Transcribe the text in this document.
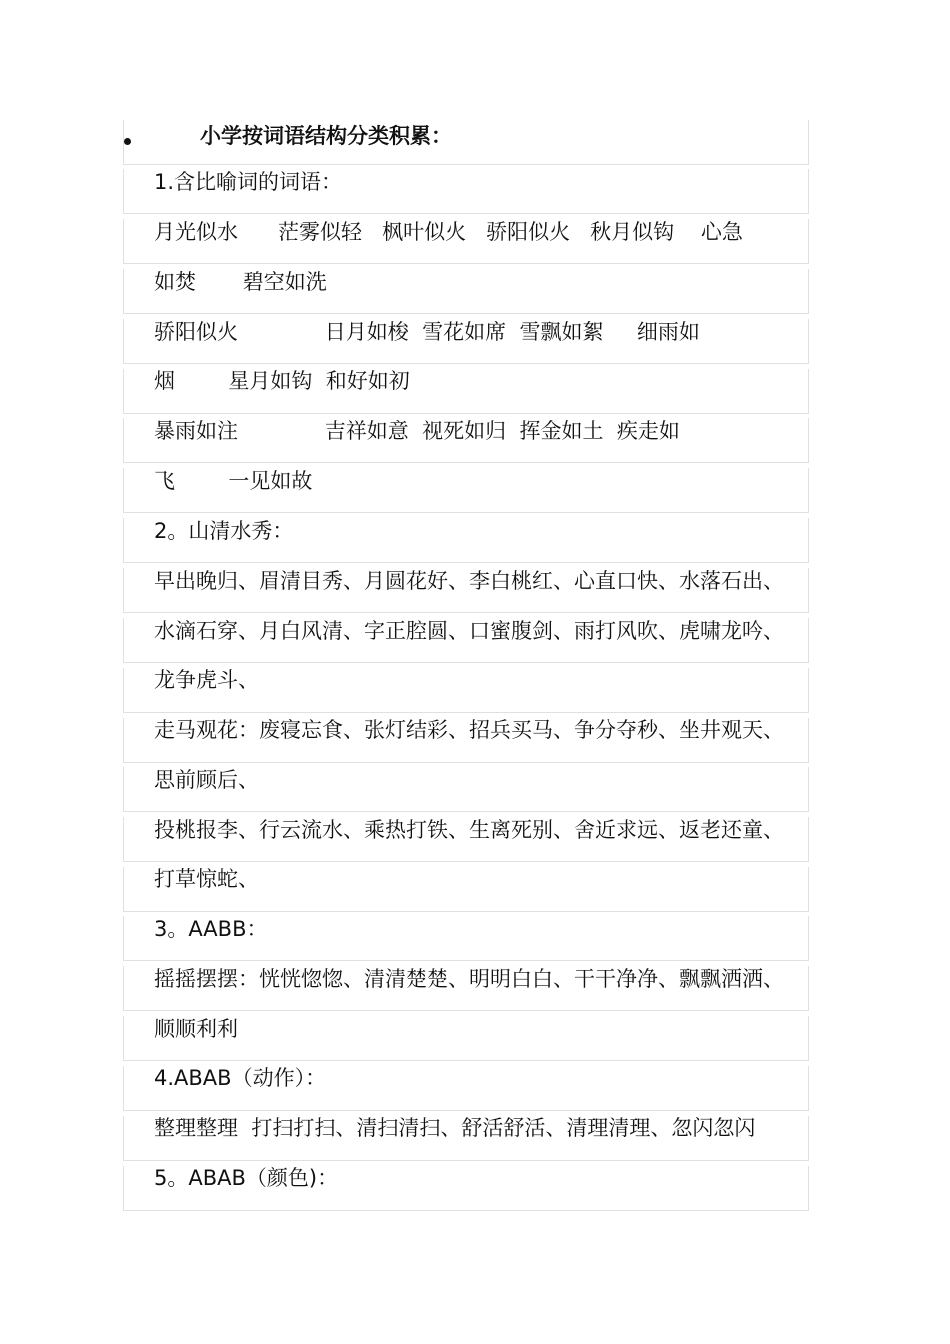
小学按词语结构分类积累：
1.含比喻词的词语：
月光似水      茫雾似轻   枫叶似火   骄阳似火   秋月似钩    心急
如焚       碧空如洗
骄阳似火             日月如梭  雪花如席  雪飘如絮     细雨如
烟        星月如钩  和好如初
暴雨如注             吉祥如意  视死如归  挥金如土  疾走如
飞        一见如故
2。山清水秀：
早出晚归、眉清目秀、月圆花好、李白桃红、心直口快、水落石出、
水滴石穿、月白风清、字正腔圆、口蜜腹剑、雨打风吹、虎啸龙吟、
龙争虎斗、
走马观花：废寝忘食、张灯结彩、招兵买马、争分夺秒、坐井观天、
思前顾后、
投桃报李、行云流水、乘热打铁、生离死别、舍近求远、返老还童、
打草惊蛇、
3。AABB：
摇摇摆摆：恍恍惚惚、清清楚楚、明明白白、干干净净、飘飘洒洒、
顺顺利利
4.ABAB（动作）：
整理整理  打扫打扫、清扫清扫、舒活舒活、清理清理、忽闪忽闪
5。ABAB（颜色)：
